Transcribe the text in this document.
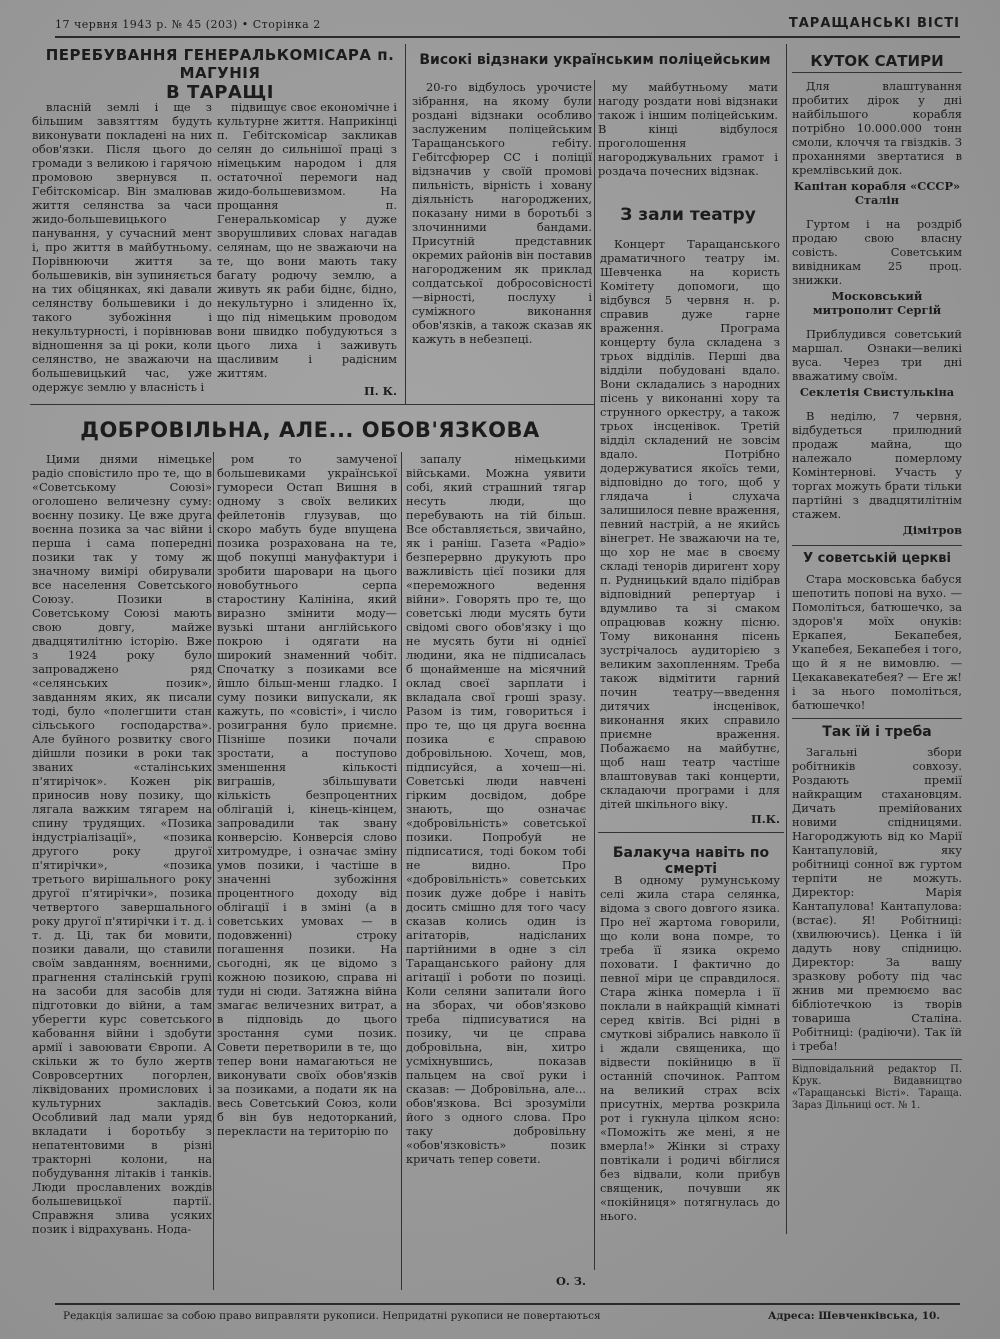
17 червня 1943 р. № 45 (203) • Сторінка 2	ТАРАЩАНСЬКІ ВІСТІ
ПЕРЕБУВАННЯ ГЕНЕРАЛЬКОМІСАРА п. МАГУНІЯ
В ТАРАЩІ

власній землі і ще з більшим завзяттям будуть виконувати покладені на них обов'язки. Після цього до громади з великою і гарячою промовою звернувся п. Гебітскомісар. Він змалював життя селянства за часи жидо-большевицького панування, у сучасний мент і, про життя в майбутньому. Порівнюючи життя за большевиків, він зупиняється на тих обіцянках, які давали селянству большевики і до такого зубожіння і некультурності, і порівнював відношення за ці роки, коли селянство, не зважаючи на большевицький час, уже одержує землю у власність і

підвищує своє економічне і культурне життя. Наприкінці п. Гебітскомісар закликав селян до сильнішої праці з німецьким народом і для остаточної перемоги над жидо-большевизмом. На прощання п. Генералькомісар у дуже зворушливих словах нагадав селянам, що не зважаючи на те, що вони мають таку багату родючу землю, а живуть як раби біднє, бідно, некультурно і злиденно їх, що під німецьким проводом вони швидко побудуються з цього лиха і заживуть щасливим і радісним життям.

П. К.
Високі відзнаки українським поліцейським

20-го відбулось урочисте зібрання, на якому були роздані відзнаки особливо заслуженим поліцейським Таращанського гебіту. Гебітсфюрер СС і поліції відзначив у своїй промові пильність, вірність і ховану діяльність нагороджених, показану ними в боротьбі з злочинними бандами. Присутній представник окремих районів він поставив нагородженим як приклад солдатської добросовісності—вірності, послуху і суміжного виконання обов'язків, а також сказав як кажуть в небезпеці.

му майбутньому мати нагоду роздати нові відзнаки також і іншим поліцейським. В кінці відбулося проголошення нагороджувальних грамот і роздача почесних відзнак.

З зали театру

Концерт Таращанського драматичного театру ім. Шевченка на користь Комітету допомоги, що відбувся 5 червня н. р. справив дуже гарне враження. Програма концерту була складена з трьох відділів. Перші два відділи побудовані вдало. Вони складались з народних пісень у виконанні хору та струнного оркестру, а також трьох інсценівок. Третій відділ складений не зовсім вдало. Потрібно додержуватися якоїсь теми, відповідно до того, щоб у глядача і слухача залишилося певне враження, певний настрій, а не якийсь вінегрет. Не зважаючи на те, що хор не має в своєму складі тенорів диригент хору п. Рудницький вдало підібрав відповідний репертуар і вдумливо та зі смаком опрацював кожну пісню. Тому виконання пісень зустрічалось аудиторією з великим захопленням. Треба також відмітити гарний почин театру—введення дитячих інсценівок, виконання яких справило приємне враження. Побажаємо на майбутнє, щоб наш театр частіше влаштовував такі концерти, складаючи програми і для дітей шкільного віку.

П.К.
ДОБРОВІЛЬНА, АЛЕ... ОБОВ'ЯЗКОВА

Цими днями німецьке радіо сповістило про те, що в «Советському Союзі» оголошено величезну суму: воєнну позику. Це вже друга воєнна позика за час війни і перша і сама попередні позики так у тому ж значному вимірі обирували все населення Советського Союзу. Позики в Советському Союзі мають свою довгу, майже двадцятилітню історію. Вже з 1924 року було запроваджено ряд «селянських позик», завданням яких, як писали тоді, було «полегшити стан сільського господарства». Але буйного розвитку свого дійшли позики в роки так званих «сталінських п'ятирічок». Кожен рік приносив нову позику, що лягала важким тягарем на спину трудящих. «Позика індустріалізації», «позика другого року другої п'ятирічки», «позика третього вирішального року другої п'ятирічки», позика четвертого завершального року другої п'ятирічки і т. д. і т. д. Ці, так би мовити, позики давали, що ставили своїм завданням, воєнними, прагнення сталінській групі на засоби для засобів для підготовки до війни, а там уберегти курс советського кабовання війни і здобути армії і завоювати Європи. А скільки ж то було жертв Совровсертних погорлен, ліквідованих промислових і культурних закладів. Особливий лад мали уряд вкладати і боротьбу з непатентовими в різні тракторні колони, на побудування літаків і танків. Люди прославлених вождів большевицької партії. Справжня злива усяких позик і відрахувань. Нода-

ром то замученої большевиками української гумореси Остап Вишня в одному з своїх великих фейлетонів глузував, що скоро мабуть буде впущена позика розрахована на те, щоб покупці мануфактури і зробити шаровари на цього новобутнього серпа старостину Калініна, який виразно змінити моду—вузькі штани англійського покрою і одягати на широкий знаменний чобіт. Спочатку з позиками все йшло більш-менш гладко. І суму позики випускали, як кажуть, по «совісті», і число розиграння було приємне. Пізніше позики почали зростати, а поступово зменшення кількості виграшів, збільшувати кількість безпроцентних облігацій і, кінець-кінцем, запровадили так звану конверсію. Конверсія слово хитромудре, і означає зміну умов позики, і частіше в значенні зубожіння процентного доходу від облігації і в зміні (а в советських умовах — в подовженні) строку погашення позики. На сьогодні, як це відомо з кожною позикою, справа ні туди ні сюди. Затяжна війна змагає величезних витрат, а в підповідь до цього зростання суми позик. Совети перетворили в те, що тепер вони намагаються не виконувати своїх обов'язків за позиками, а подати як на весь Советський Союз, коли б він був недоторканий, перекласти на територію по

запалу німецькими військами. Можна уявити собі, який страшний тягар несуть люди, що перебувають на тій більш. Все обставляється, звичайно, як і раніш. Газета «Радіо» безперервно друкують про важливість цієї позики для «переможного ведення війни». Говорять про те, що советські люди мусять бути свідомі свого обов'язку і що не мусять бути ні однієї людини, яка не підписалась б щонайменше на місячний оклад своєї зарплати і вкладала свої гроші зразу. Разом із тим, говориться і про те, що ця друга воєнна позика є справою добровільною. Хочеш, мов, підписуйся, а хочеш—ні. Советські люди навчені гірким досвідом, добре знають, що означає «добровільність» советської позики. Попробуй не підписатися, тоді боком тобі не видно. Про «добровільність» советських позик дуже добре і навіть досить смішно для того часу сказав колись один із агітаторів, надісланих партійними в одне з сіл Таращанського району для агітації і роботи по позиці. Коли селяни запитали його на зборах, чи обов'язково треба підписуватися на позику, чи це справа добровільна, він, хитро усміхнувшись, показав пальцем на свої руки і сказав: — Добровільна, але... обов'язкова. Всі зрозуміли його з одного слова. Про таку добровільну «обов'язковість» позик кричать тепер совети.

О. З.
Балакуча навіть по смерті

В одному румунському селі жила стара селянка, відома з свого довгого язика. Про неї жартома говорили, що коли вона помре, то треба її язика окремо поховати. І фактично до певної міри це справдилося. Стара жінка померла і її поклали в найкращій кімнаті серед квітів. Всі рідні в смуткові зібрались навколо її і ждали священика, що відвести покійницю в її останній спочинок. Раптом на великий страх всіх присутніх, мертва розкрила рот і гукнула цілком ясно: «Поможіть же мені, я не вмерла!» Жінки зі страху повтікали і родичі вбіглися без відвали, коли прибув священик, почувши як «покійниця» потягнулась до нього.

КУТОК САТИРИ

Для влаштування пробитих дірок у днi найбільшого корабля потрібно 10.000.000 тонн смоли, клоччя та гвіздків. З проханнями звертатися в кремлівський док.

Капітан корабля «СССР» Сталін

Гуртом і на роздріб продаю свою власну совість. Советським вивідникам 25 проц. знижки.

Московський митрополит Сергій

Приблудився советський маршал. Ознаки—великі вуса. Через три дні вважатиму своїм.

Секлетія Свистулькіна

В неділю, 7 червня, відбудеться прилюдний продаж майна, що належало померлому Комінтернові. Участь у торгах можуть брати тільки партійні з двадцятилітнім стажем.

Дімітров
У советській церкві

Стара московська бабуся шепотить попові на вухо. — Помоліться, батюшечко, за здоров'я моїх онуків: Еркапея, Бекапебея, Укапебея, Бекапебея і того, що й я не вимовлю. — Цекакавекатебея? — Еге ж! і за нього помоліться, батюшечко!

Так їй і треба

Загальні збори робітників совхозу. Роздають премії найкращим стахановцям. Дичать премійованих новими спідницями. Нагороджують від ко Марії Кантапуловій, яку робітниці сонної вж гуртом терпіти не можуть. Директор: Марія Кантапулова! Кантапулова: (встає). Я! Робітниці: (хвилюючись). Ценка і їй дадуть нову спідницю. Директор: За вашу зразкову роботу під час жнив ми премюємо вас бібліотечкою із творів товариша Сталіна. Робітниці: (радіючи). Так їй і треба!

Відповідальний редактор П. Крук. Видавництво «Таращанські Вісті». Тараща. Зараз Дільниці ост. № 1.
Редакція залишає за собою право виправляти рукописи. Непридатні рукописи не повертаються	Адреса: Шевченківська, 10.
